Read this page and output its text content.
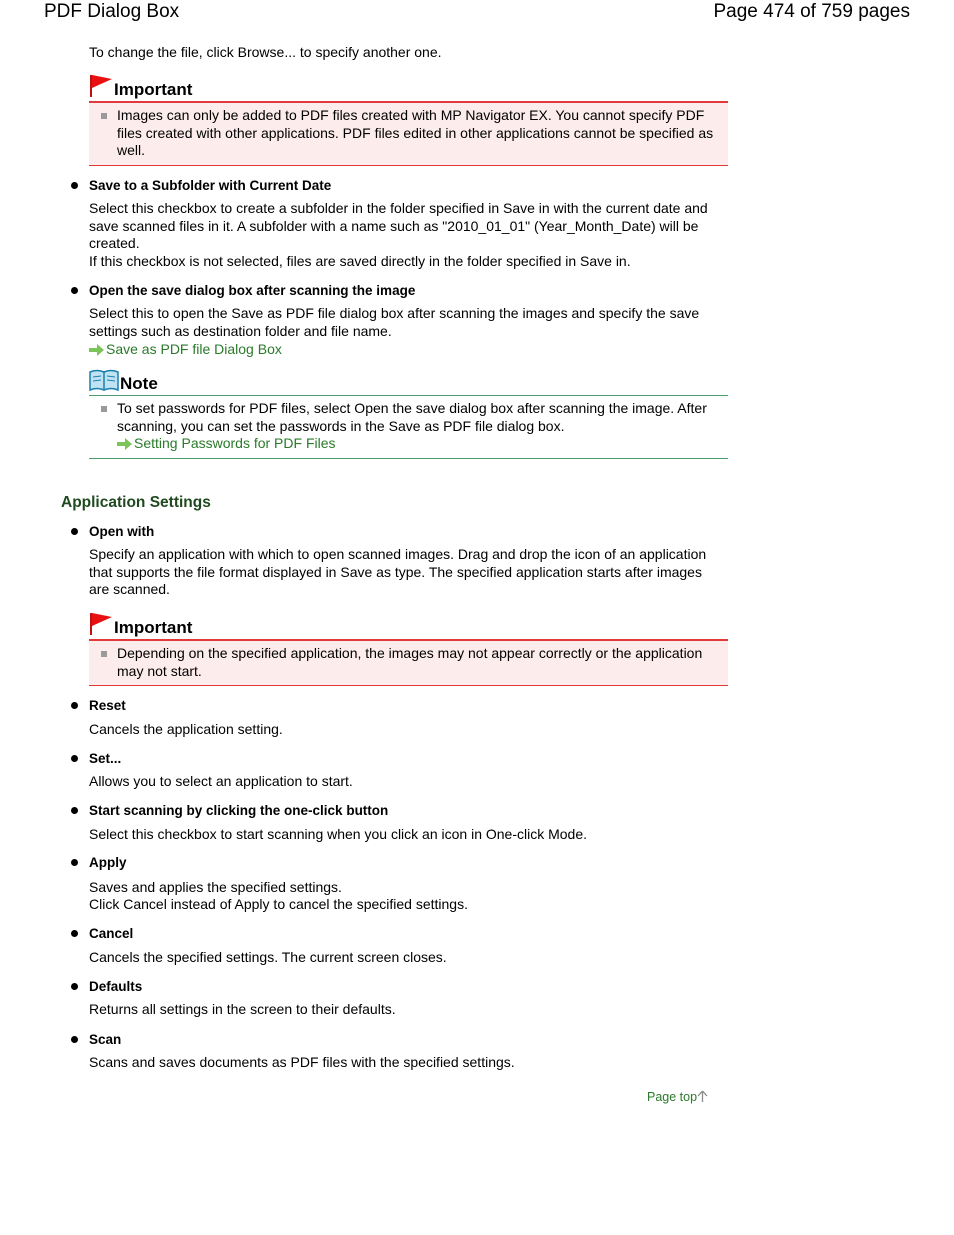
PDF Dialog Box	Page 474 of 759 pages

To change the file, click Browse... to specify another one.

Important
Images can only be added to PDF files created with MP Navigator EX. You cannot specify PDF files created with other applications. PDF files edited in other applications cannot be specified as well.
Save to a Subfolder with Current Date

Select this checkbox to create a subfolder in the folder specified in Save in with the current date and save scanned files in it. A subfolder with a name such as "2010_01_01" (Year_Month_Date) will be created.

If this checkbox is not selected, files are saved directly in the folder specified in Save in.

Open the save dialog box after scanning the image

Select this to open the Save as PDF file dialog box after scanning the images and specify the save settings such as destination folder and file name.

Save as PDF file Dialog Box
Note
To set passwords for PDF files, select Open the save dialog box after scanning the image. After scanning, you can set the passwords in the Save as PDF file dialog box.
Setting Passwords for PDF Files
Application Settings
Open with

Specify an application with which to open scanned images. Drag and drop the icon of an application that supports the file format displayed in Save as type. The specified application starts after images are scanned.

Important
Depending on the specified application, the images may not appear correctly or the application may not start.
Reset

Cancels the application setting.

Set...

Allows you to select an application to start.

Start scanning by clicking the one-click button

Select this checkbox to start scanning when you click an icon in One-click Mode.

Apply

Saves and applies the specified settings.

Click Cancel instead of Apply to cancel the specified settings.

Cancel

Cancels the specified settings. The current screen closes.

Defaults

Returns all settings in the screen to their defaults.

Scan

Scans and saves documents as PDF files with the specified settings.

Page top
